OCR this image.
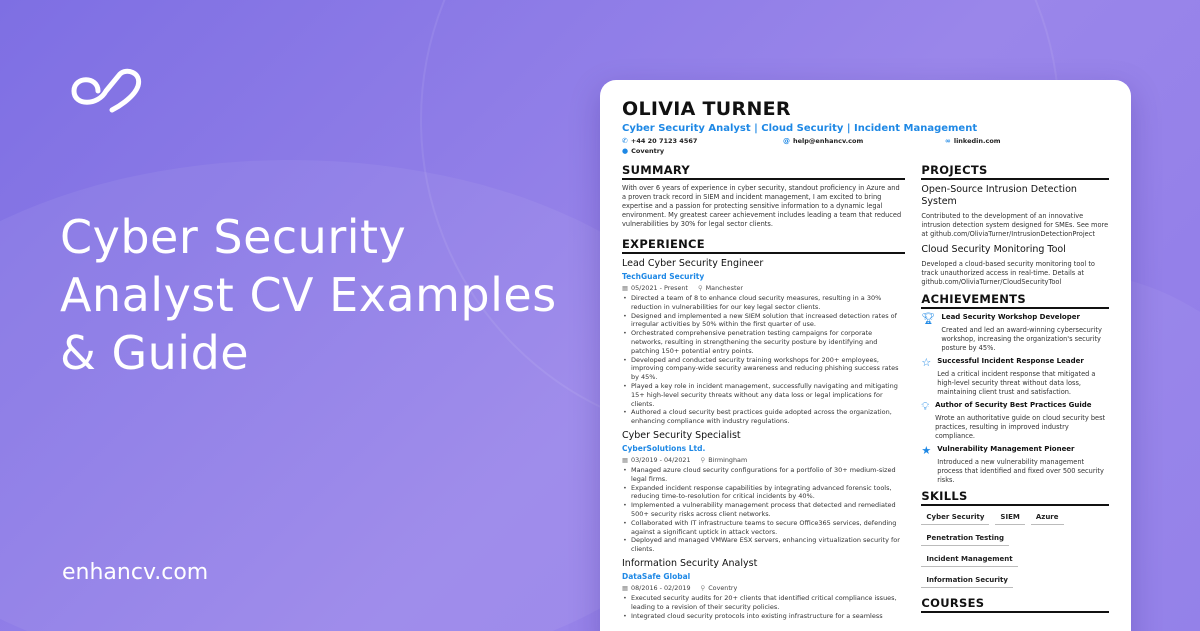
Cyber Security Analyst CV Examples & Guide
enhancv.com
OLIVIA TURNER
Cyber Security Analyst | Cloud Security | Incident Management
✆ +44 20 7123 4567	@ help@enhancv.com	∞ linkedin.com
● Coventry
SUMMARY
With over 6 years of experience in cyber security, standout proficiency in Azure and a proven track record in SIEM and incident management, I am excited to bring expertise and a passion for protecting sensitive information to a dynamic legal environment. My greatest career achievement includes leading a team that reduced vulnerabilities by 30% for legal sector clients.
EXPERIENCE
Lead Cyber Security Engineer
TechGuard Security
▦ 05/2021 - Present ⚲ Manchester
• Directed a team of 8 to enhance cloud security measures, resulting in a 30% reduction in vulnerabilities for our key legal sector clients.
• Designed and implemented a new SIEM solution that increased detection rates of irregular activities by 50% within the first quarter of use.
• Orchestrated comprehensive penetration testing campaigns for corporate networks, resulting in strengthening the security posture by identifying and patching 150+ potential entry points.
• Developed and conducted security training workshops for 200+ employees, improving company-wide security awareness and reducing phishing success rates by 45%.
• Played a key role in incident management, successfully navigating and mitigating 15+ high-level security threats without any data loss or legal implications for clients.
• Authored a cloud security best practices guide adopted across the organization, enhancing compliance with industry regulations.
Cyber Security Specialist
CyberSolutions Ltd.
▦ 03/2019 - 04/2021 ⚲ Birmingham
• Managed azure cloud security configurations for a portfolio of 30+ medium-sized legal firms.
• Expanded incident response capabilities by integrating advanced forensic tools, reducing time-to-resolution for critical incidents by 40%.
• Implemented a vulnerability management process that detected and remediated 500+ security risks across client networks.
• Collaborated with IT infrastructure teams to secure Office365 services, defending against a significant uptick in attack vectors.
• Deployed and managed VMWare ESX servers, enhancing virtualization security for clients.
Information Security Analyst
DataSafe Global
▦ 08/2016 - 02/2019 ⚲ Coventry
• Executed security audits for 20+ clients that identified critical compliance issues, leading to a revision of their security policies.
• Integrated cloud security protocols into existing infrastructure for a seamless
PROJECTS
Open-Source Intrusion Detection System
Contributed to the development of an innovative intrusion detection system designed for SMEs. See more at github.com/OliviaTurner/IntrusionDetectionProject
Cloud Security Monitoring Tool
Developed a cloud-based security monitoring tool to track unauthorized access in real-time. Details at github.com/OliviaTurner/CloudSecurityTool
ACHIEVEMENTS
🏆︎ Lead Security Workshop Developer
Created and led an award-winning cybersecurity workshop, increasing the organization's security posture by 45%.
☆ Successful Incident Response Leader
Led a critical incident response that mitigated a high-level security threat without data loss, maintaining client trust and satisfaction.
💡︎ Author of Security Best Practices Guide
Wrote an authoritative guide on cloud security best practices, resulting in improved industry compliance.
★ Vulnerability Management Pioneer
Introduced a new vulnerability management process that identified and fixed over 500 security risks.
SKILLS
Cyber Security	SIEM	Azure
Penetration Testing
Incident Management
Information Security
COURSES
